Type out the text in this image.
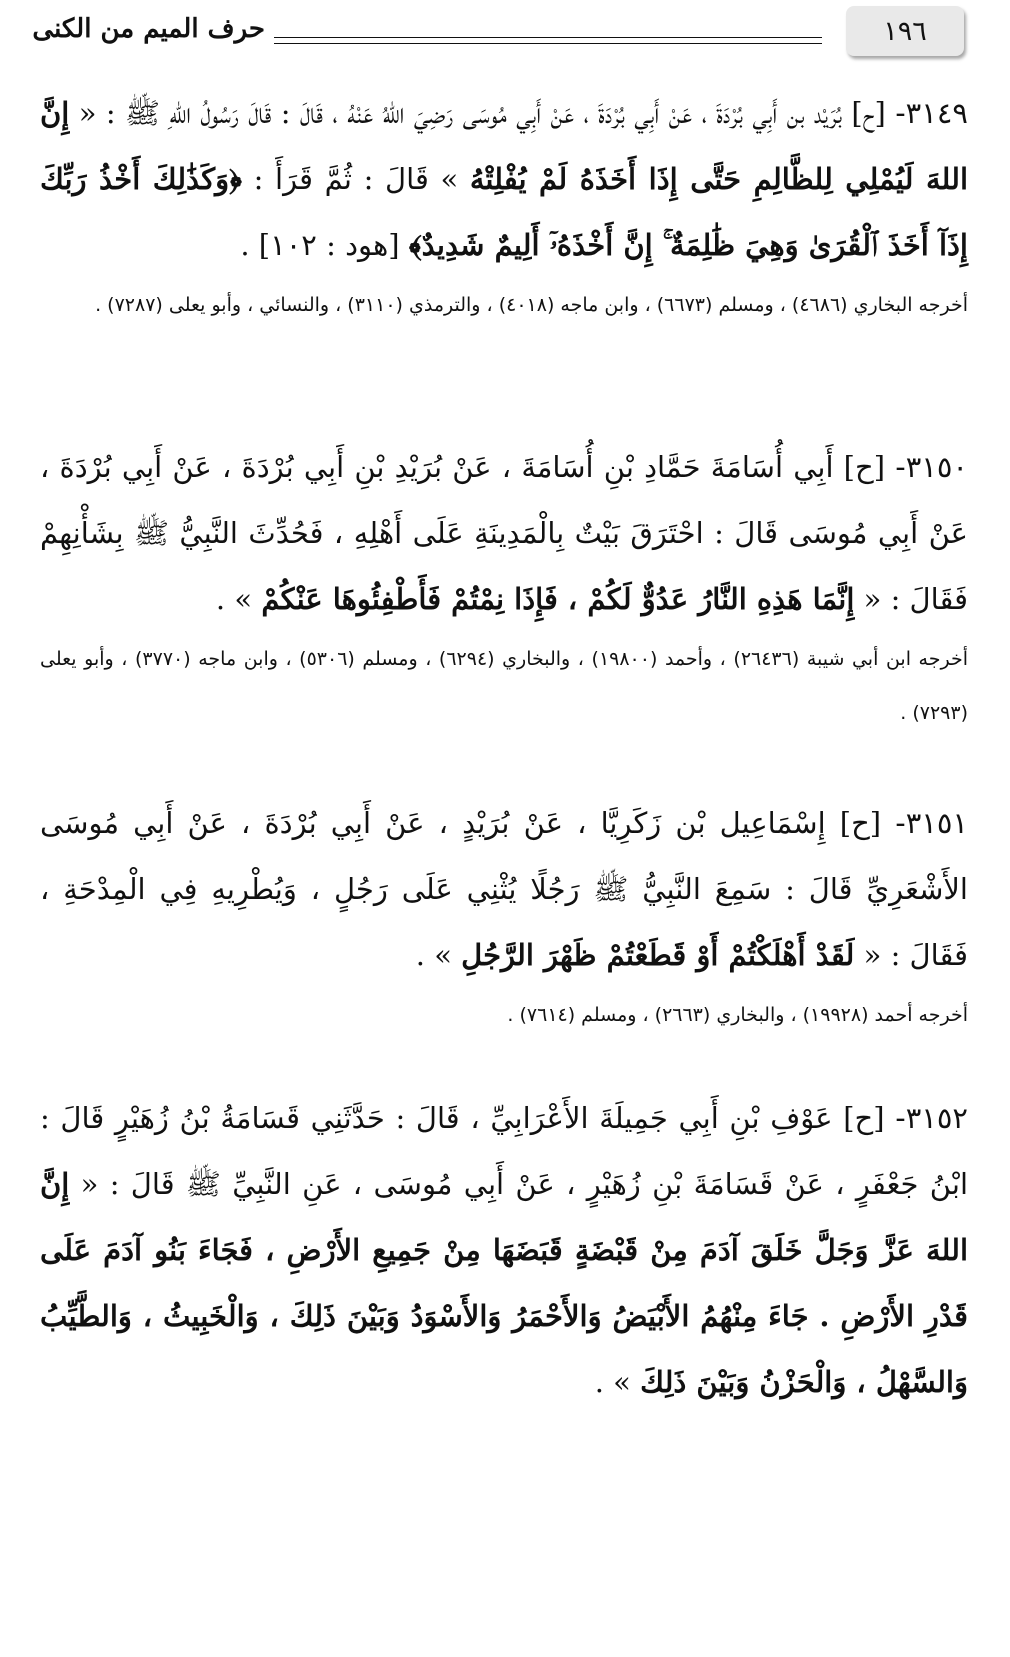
١٩٦
حرف الميم من الكنى

٣١٤٩- [ح] بُرَيْد بن أَبِي بُرْدَةَ ، عَنْ أَبِي بُرْدَةَ ، عَنْ أَبِي مُوسَى رَضِيَ اللهُ عَنْهُ ، قَالَ : قَالَ رَسُولُ اللهِ ﷺ : « إِنَّ اللهَ لَيُمْلِي لِلظَّالِمِ حَتَّى إِذَا أَخَذَهُ لَمْ يُفْلِتْهُ » قَالَ : ثُمَّ قَرَأَ : ﴿وَكَذَٰلِكَ أَخْذُ رَبِّكَ إِذَآ أَخَذَ ٱلْقُرَىٰ وَهِيَ ظَٰلِمَةٌ ۚ إِنَّ أَخْذَهُۥٓ أَلِيمٌ شَدِيدٌ﴾ [هود : ١٠٢] .

أخرجه البخاري (٤٦٨٦) ، ومسلم (٦٦٧٣) ، وابن ماجه (٤٠١٨) ، والترمذي (٣١١٠) ، والنسائي ، وأبو يعلى (٧٢٨٧) .

٣١٥٠- [ح] أَبِي أُسَامَةَ حَمَّادِ بْنِ أُسَامَةَ ، عَنْ بُرَيْدِ بْنِ أَبِي بُرْدَةَ ، عَنْ أَبِي بُرْدَةَ ، عَنْ أَبِي مُوسَى قَالَ : احْتَرَقَ بَيْتٌ بِالْمَدِينَةِ عَلَى أَهْلِهِ ، فَحُدِّثَ النَّبِيُّ ﷺ بِشَأْنِهِمْ فَقَالَ : « إِنَّمَا هَذِهِ النَّارُ عَدُوٌّ لَكُمْ ، فَإِذَا نِمْتُمْ فَأَطْفِئُوهَا عَنْكُمْ » .

أخرجه ابن أبي شيبة (٢٦٤٣٦) ، وأحمد (١٩٨٠٠) ، والبخاري (٦٢٩٤) ، ومسلم (٥٣٠٦) ، وابن ماجه (٣٧٧٠) ، وأبو يعلى (٧٢٩٣) .

٣١٥١- [ح] إِسْمَاعِيل بْن زَكَرِيَّا ، عَنْ بُرَيْدٍ ، عَنْ أَبِي بُرْدَةَ ، عَنْ أَبِي مُوسَى الأَشْعَرِيِّ قَالَ : سَمِعَ النَّبِيُّ ﷺ رَجُلًا يُثْنِي عَلَى رَجُلٍ ، وَيُطْرِيهِ فِي الْمِدْحَةِ ، فَقَالَ : « لَقَدْ أَهْلَكْتُمْ أَوْ قَطَعْتُمْ ظَهْرَ الرَّجُلِ » .

أخرجه أحمد (١٩٩٢٨) ، والبخاري (٢٦٦٣) ، ومسلم (٧٦١٤) .

٣١٥٢- [ح] عَوْفِ بْنِ أَبِي جَمِيلَةَ الأَعْرَابِيِّ ، قَالَ : حَدَّثَنِي قَسَامَةُ بْنُ زُهَيْرٍ قَالَ : ابْنُ جَعْفَرٍ ، عَنْ قَسَامَةَ بْنِ زُهَيْرٍ ، عَنْ أَبِي مُوسَى ، عَنِ النَّبِيِّ ﷺ قَالَ : « إِنَّ اللهَ عَزَّ وَجَلَّ خَلَقَ آدَمَ مِنْ قَبْضَةٍ قَبَضَهَا مِنْ جَمِيعِ الأَرْضِ ، فَجَاءَ بَنُو آدَمَ عَلَى قَدْرِ الأَرْضِ . جَاءَ مِنْهُمُ الأَبْيَضُ وَالأَحْمَرُ وَالأَسْوَدُ وَبَيْنَ ذَلِكَ ، وَالْخَبِيثُ ، وَالطَّيِّبُ وَالسَّهْلُ ، وَالْحَزْنُ وَبَيْنَ ذَلِكَ » .
